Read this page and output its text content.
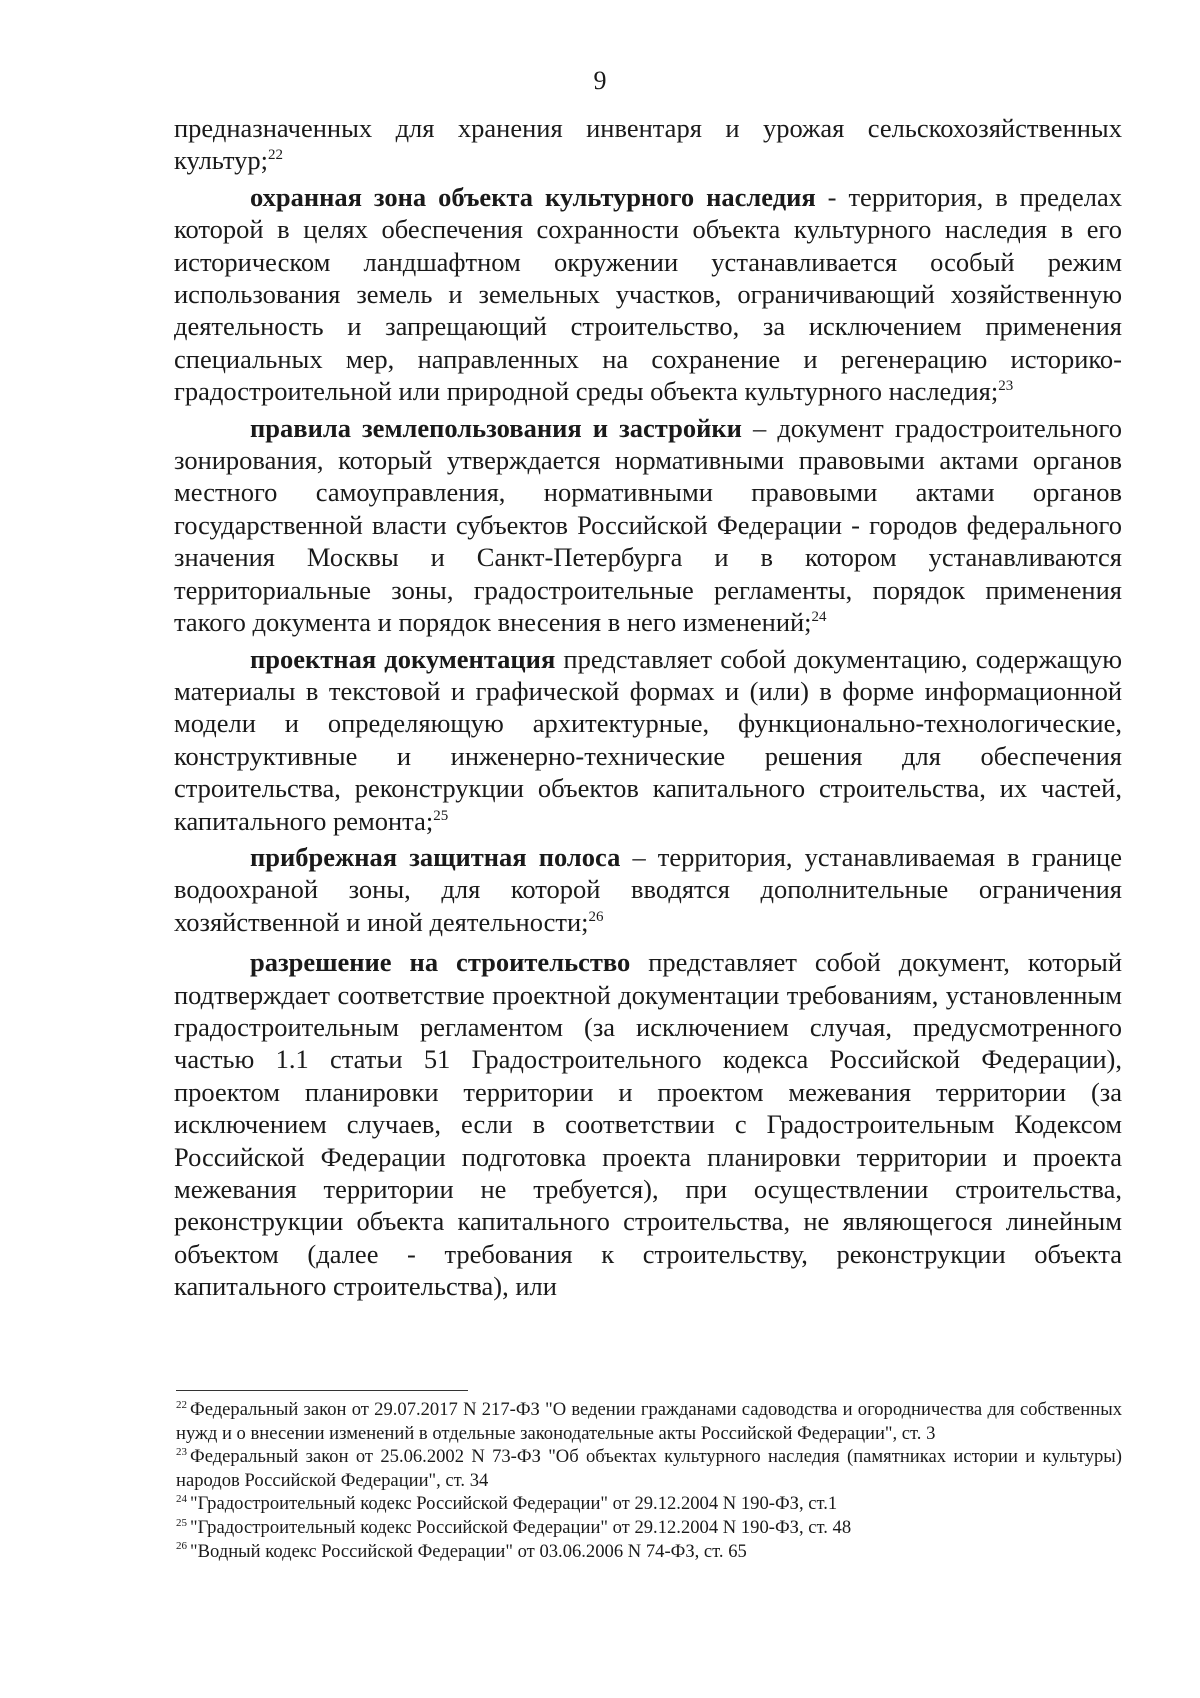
9

предназначенных для хранения инвентаря и урожая сельскохозяйственных культур;$^{22}$

охранная зона объекта культурного наследия - территория, в пределах которой в целях обеспечения сохранности объекта культурного наследия в его историческом ландшафтном окружении устанавливается особый режим использования земель и земельных участков, ограничивающий хозяйственную деятельность и запрещающий строительство, за исключением применения специальных мер, направленных на сохранение и регенерацию историко-градостроительной или природной среды объекта культурного наследия;$^{23}$

правила землепользования и застройки – документ градостроительного зонирования, который утверждается нормативными правовыми актами органов местного самоуправления, нормативными правовыми актами органов государственной власти субъектов Российской Федерации - городов федерального значения Москвы и Санкт-Петербурга и в котором устанавливаются территориальные зоны, градостроительные регламенты, порядок применения такого документа и порядок внесения в него изменений;$^{24}$

проектная документация представляет собой документацию, содержащую материалы в текстовой и графической формах и (или) в форме информационной модели и определяющую архитектурные, функционально-технологические, конструктивные и инженерно-технические решения для обеспечения строительства, реконструкции объектов капитального строительства, их частей, капитального ремонта;$^{25}$

прибрежная защитная полоса – территория, устанавливаемая в границе водоохраной зоны, для которой вводятся дополнительные ограничения хозяйственной и иной деятельности;$^{26}$

разрешение на строительство представляет собой документ, который подтверждает соответствие проектной документации требованиям, установленным градостроительным регламентом (за исключением случая, предусмотренного частью 1.1 статьи 51 Градостроительного кодекса Российской Федерации), проектом планировки территории и проектом межевания территории (за исключением случаев, если в соответствии с Градостроительным Кодексом Российской Федерации подготовка проекта планировки территории и проекта межевания территории не требуется), при осуществлении строительства, реконструкции объекта капитального строительства, не являющегося линейным объектом (далее - требования к строительству, реконструкции объекта капитального строительства), или

$^{22}$ Федеральный закон от 29.07.2017 N 217-ФЗ "О ведении гражданами садоводства и огородничества для собственных нужд и о внесении изменений в отдельные законодательные акты Российской Федерации", ст. 3

$^{23}$ Федеральный закон от 25.06.2002 N 73-ФЗ "Об объектах культурного наследия (памятниках истории и культуры) народов Российской Федерации", ст. 34

$^{24}$ "Градостроительный кодекс Российской Федерации" от 29.12.2004 N 190-ФЗ, ст.1

$^{25}$ "Градостроительный кодекс Российской Федерации" от 29.12.2004 N 190-ФЗ, ст. 48

$^{26}$ "Водный кодекс Российской Федерации" от 03.06.2006 N 74-ФЗ, ст. 65
